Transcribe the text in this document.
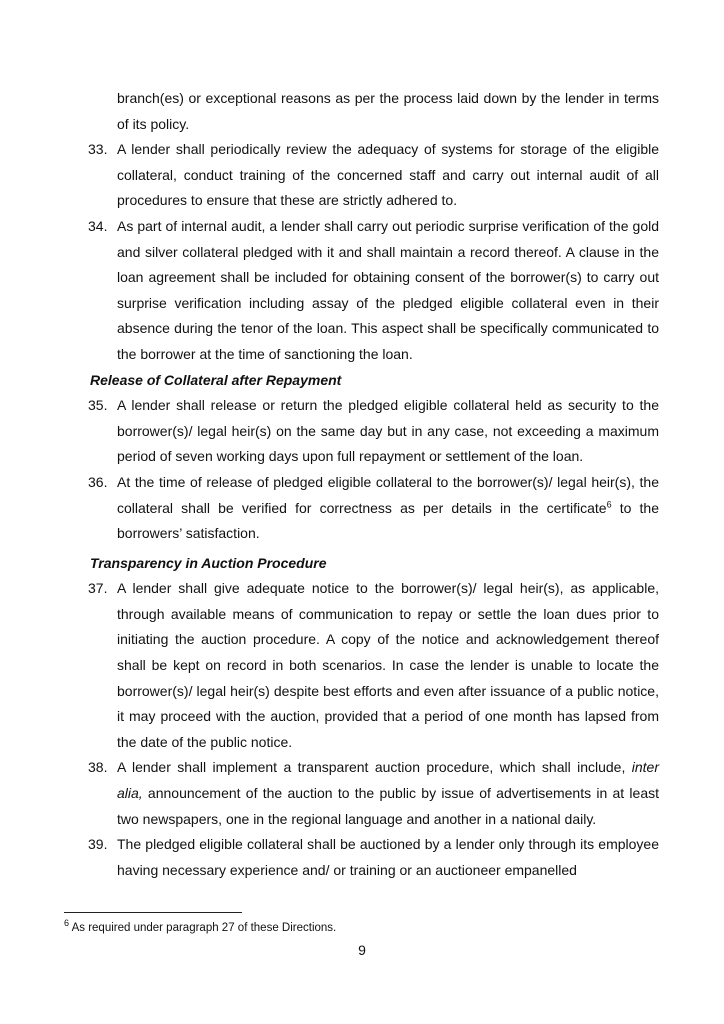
branch(es) or exceptional reasons as per the process laid down by the lender in terms of its policy.

33. A lender shall periodically review the adequacy of systems for storage of the eligible collateral, conduct training of the concerned staff and carry out internal audit of all procedures to ensure that these are strictly adhered to.
34. As part of internal audit, a lender shall carry out periodic surprise verification of the gold and silver collateral pledged with it and shall maintain a record thereof. A clause in the loan agreement shall be included for obtaining consent of the borrower(s) to carry out surprise verification including assay of the pledged eligible collateral even in their absence during the tenor of the loan. This aspect shall be specifically communicated to the borrower at the time of sanctioning the loan.

Release of Collateral after Repayment

35. A lender shall release or return the pledged eligible collateral held as security to the borrower(s)/ legal heir(s) on the same day but in any case, not exceeding a maximum period of seven working days upon full repayment or settlement of the loan.
36. At the time of release of pledged eligible collateral to the borrower(s)/ legal heir(s), the collateral shall be verified for correctness as per details in the certificate$^6$ to the borrowers’ satisfaction.

Transparency in Auction Procedure

37. A lender shall give adequate notice to the borrower(s)/ legal heir(s), as applicable, through available means of communication to repay or settle the loan dues prior to initiating the auction procedure. A copy of the notice and acknowledgement thereof shall be kept on record in both scenarios. In case the lender is unable to locate the borrower(s)/ legal heir(s) despite best efforts and even after issuance of a public notice, it may proceed with the auction, provided that a period of one month has lapsed from the date of the public notice.
38. A lender shall implement a transparent auction procedure, which shall include, inter alia, announcement of the auction to the public by issue of advertisements in at least two newspapers, one in the regional language and another in a national daily.
39. The pledged eligible collateral shall be auctioned by a lender only through its employee having necessary experience and/ or training or an auctioneer empanelled
$^6$ As required under paragraph 27 of these Directions.
9
